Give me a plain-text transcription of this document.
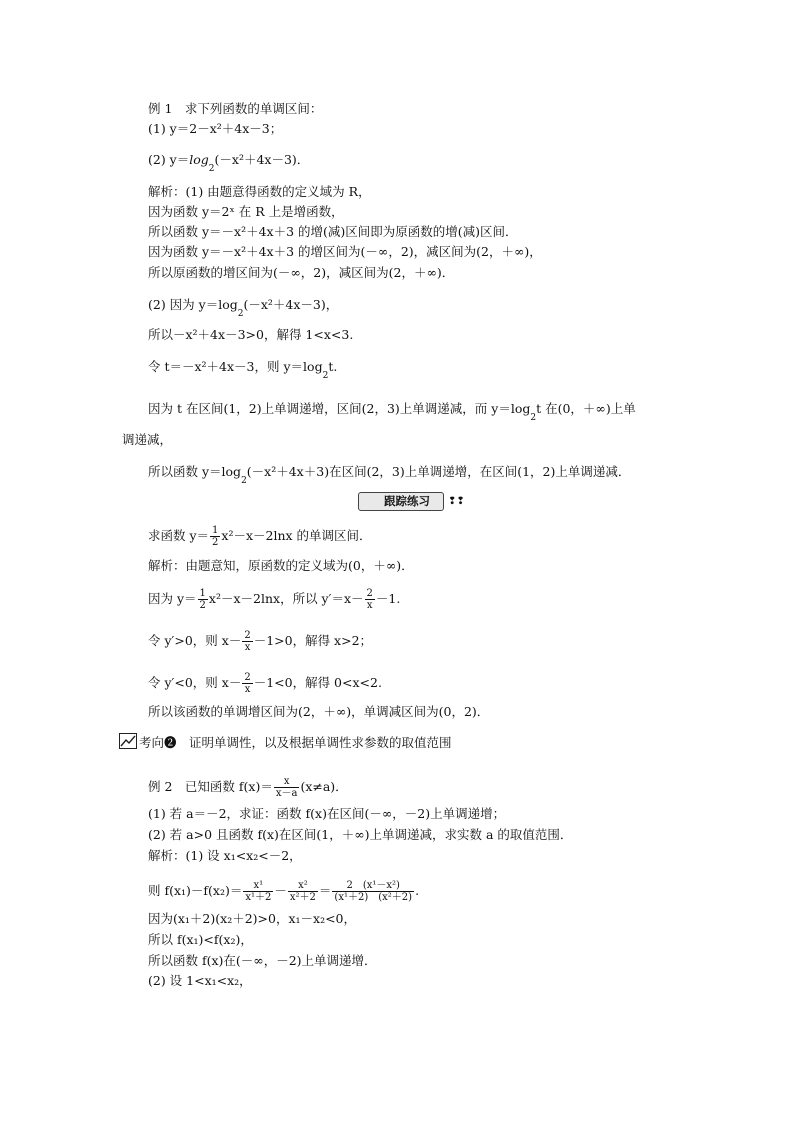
例 1　求下列函数的单调区间：
(1) y＝2－x²＋4x－3；
(2) $y=\log_2(-x^2+4x-3)$．
解析：(1) 由题意得函数的定义域为 R，
因为函数 y＝2ˣ 在 R 上是增函数，
所以函数 y＝－x²＋4x＋3 的增(减)区间即为原函数的增(减)区间．
因为函数 y＝－x²＋4x＋3 的增区间为(－∞，2)，减区间为(2，＋∞)，
所以原函数的增区间为(－∞，2)，减区间为(2，＋∞)．
(2) 因为 $y=\log_2(-x^2+4x-3)$，
所以－x²＋4x－3>0，解得 1<x<3.
令 t＝－x²＋4x－3，则 $y=\log_2t$.
因为 t 在区间(1，2)上单调递增，区间(2，3)上单调递减，而 $y=\log_2t$ 在(0，＋∞)上单
调递减，
所以函数 $y=\log_2(-x^2+4x+3)$在区间(2，3)上单调递增，在区间(1，2)上单调递减．
跟踪练习	❢❢
求函数 $y= \frac{1}{2} x^2-x-2\ln x$ 的单调区间．
解析：由题意知，原函数的定义域为(0，＋∞)．
因为 $y= \frac{1}{2} x^2-x-2\ln x$，所以 $y'=x- \frac{2}{x} -1$.
令 y′>0，则 $x- \frac{2}{x} -1>0$，解得 x>2；
令 y′<0，则 $x- \frac{2}{x} -1<0$，解得 0<x<2.
所以该函数的单调增区间为(2，＋∞)，单调减区间为(0，2)．
考向❷　证明单调性，以及根据单调性求参数的取值范围
例 2　已知函数 $f(x)= \frac{x}{x-a} (x\ne a)$．
(1) 若 a＝－2，求证：函数 f(x)在区间(－∞，－2)上单调递增；
(2) 若 a>0 且函数 f(x)在区间(1，＋∞)上单调递减，求实数 a 的取值范围．
解析：(1) 设 x₁<x₂<－2，
则 $f(x_1)-f(x_2)= \frac{\text{x¹}}{\text{x¹＋2}} - \frac{\text{x²}}{\text{x²＋2}} = \frac{\text{2　(x¹－x²)}}{\text{(x¹＋2)　(x²＋2)}}$ .
因为(x₁＋2)(x₂＋2)>0，x₁－x₂<0，
所以 f(x₁)<f(x₂)，
所以函数 f(x)在(－∞，－2)上单调递增．
(2) 设 1<x₁<x₂，
